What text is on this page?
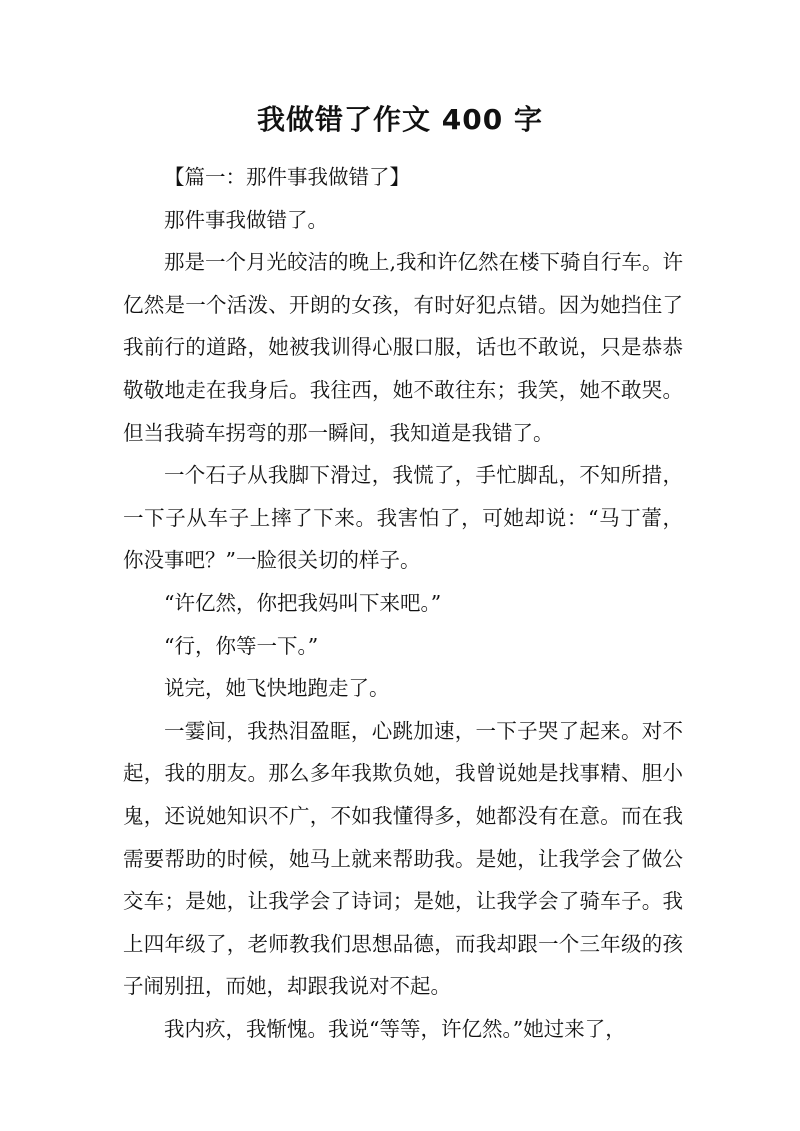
我做错了作文 400 字

【篇一：那件事我做错了】

那件事我做错了。

那是一个月光皎洁的晚上,我和许亿然在楼下骑自行车。许亿然是一个活泼、开朗的女孩，有时好犯点错。因为她挡住了我前行的道路，她被我训得心服口服，话也不敢说，只是恭恭敬敬地走在我身后。我往西，她不敢往东；我笑，她不敢哭。但当我骑车拐弯的那一瞬间，我知道是我错了。

一个石子从我脚下滑过，我慌了，手忙脚乱，不知所措，一下子从车子上摔了下来。我害怕了，可她却说：“马丁蕾，你没事吧？”一脸很关切的样子。

“许亿然，你把我妈叫下来吧。”

“行，你等一下。”

说完，她飞快地跑走了。

一霎间，我热泪盈眶，心跳加速，一下子哭了起来。对不起，我的朋友。那么多年我欺负她，我曾说她是找事精、胆小鬼，还说她知识不广，不如我懂得多，她都没有在意。而在我需要帮助的时候，她马上就来帮助我。是她，让我学会了做公交车；是她，让我学会了诗词；是她，让我学会了骑车子。我上四年级了，老师教我们思想品德，而我却跟一个三年级的孩子闹别扭，而她，却跟我说对不起。

我内疚，我惭愧。我说“等等，许亿然。”她过来了，
